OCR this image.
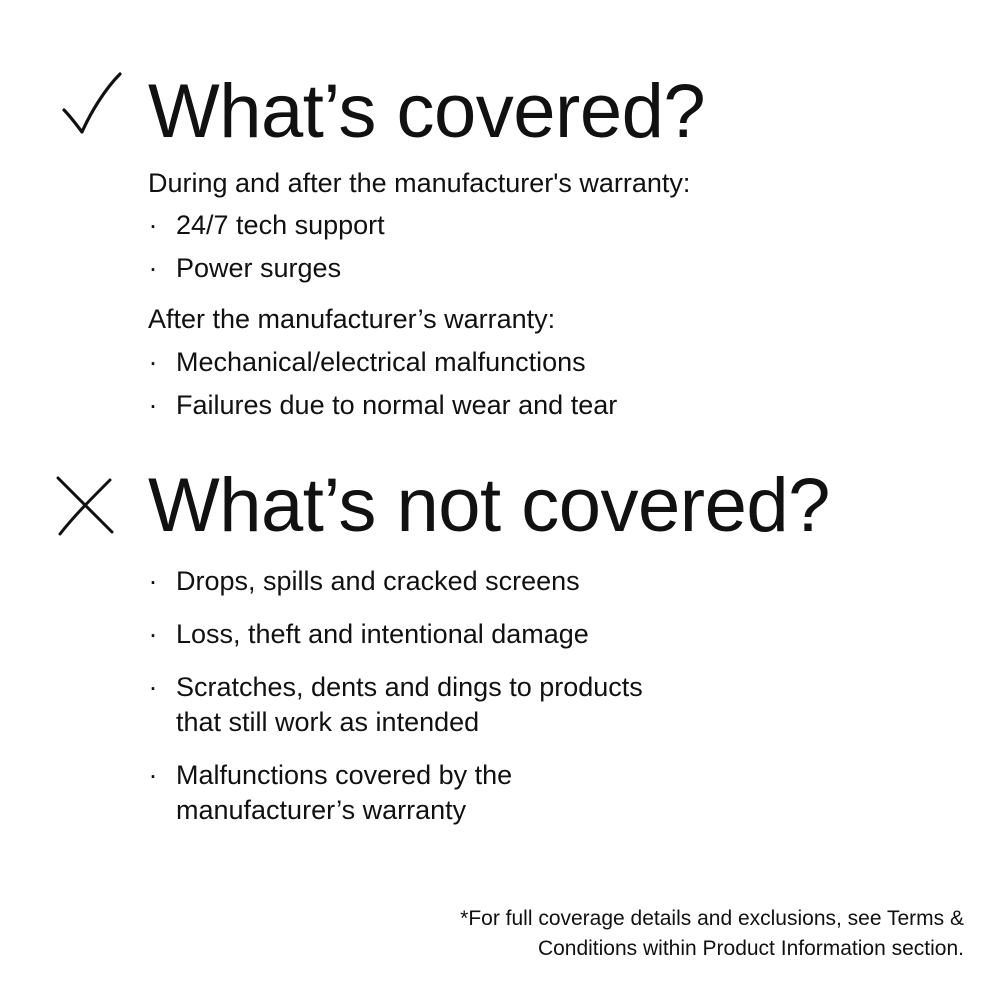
What’s covered?
During and after the manufacturer's warranty:
· 24/7 tech support
· Power surges
After the manufacturer’s warranty:
· Mechanical/electrical malfunctions
· Failures due to normal wear and tear
What’s not covered?
· Drops, spills and cracked screens
· Loss, theft and intentional damage
· Scratches, dents and dings to products
that still work as intended
· Malfunctions covered by the
manufacturer’s warranty
*For full coverage details and exclusions, see Terms &
Conditions within Product Information section.
